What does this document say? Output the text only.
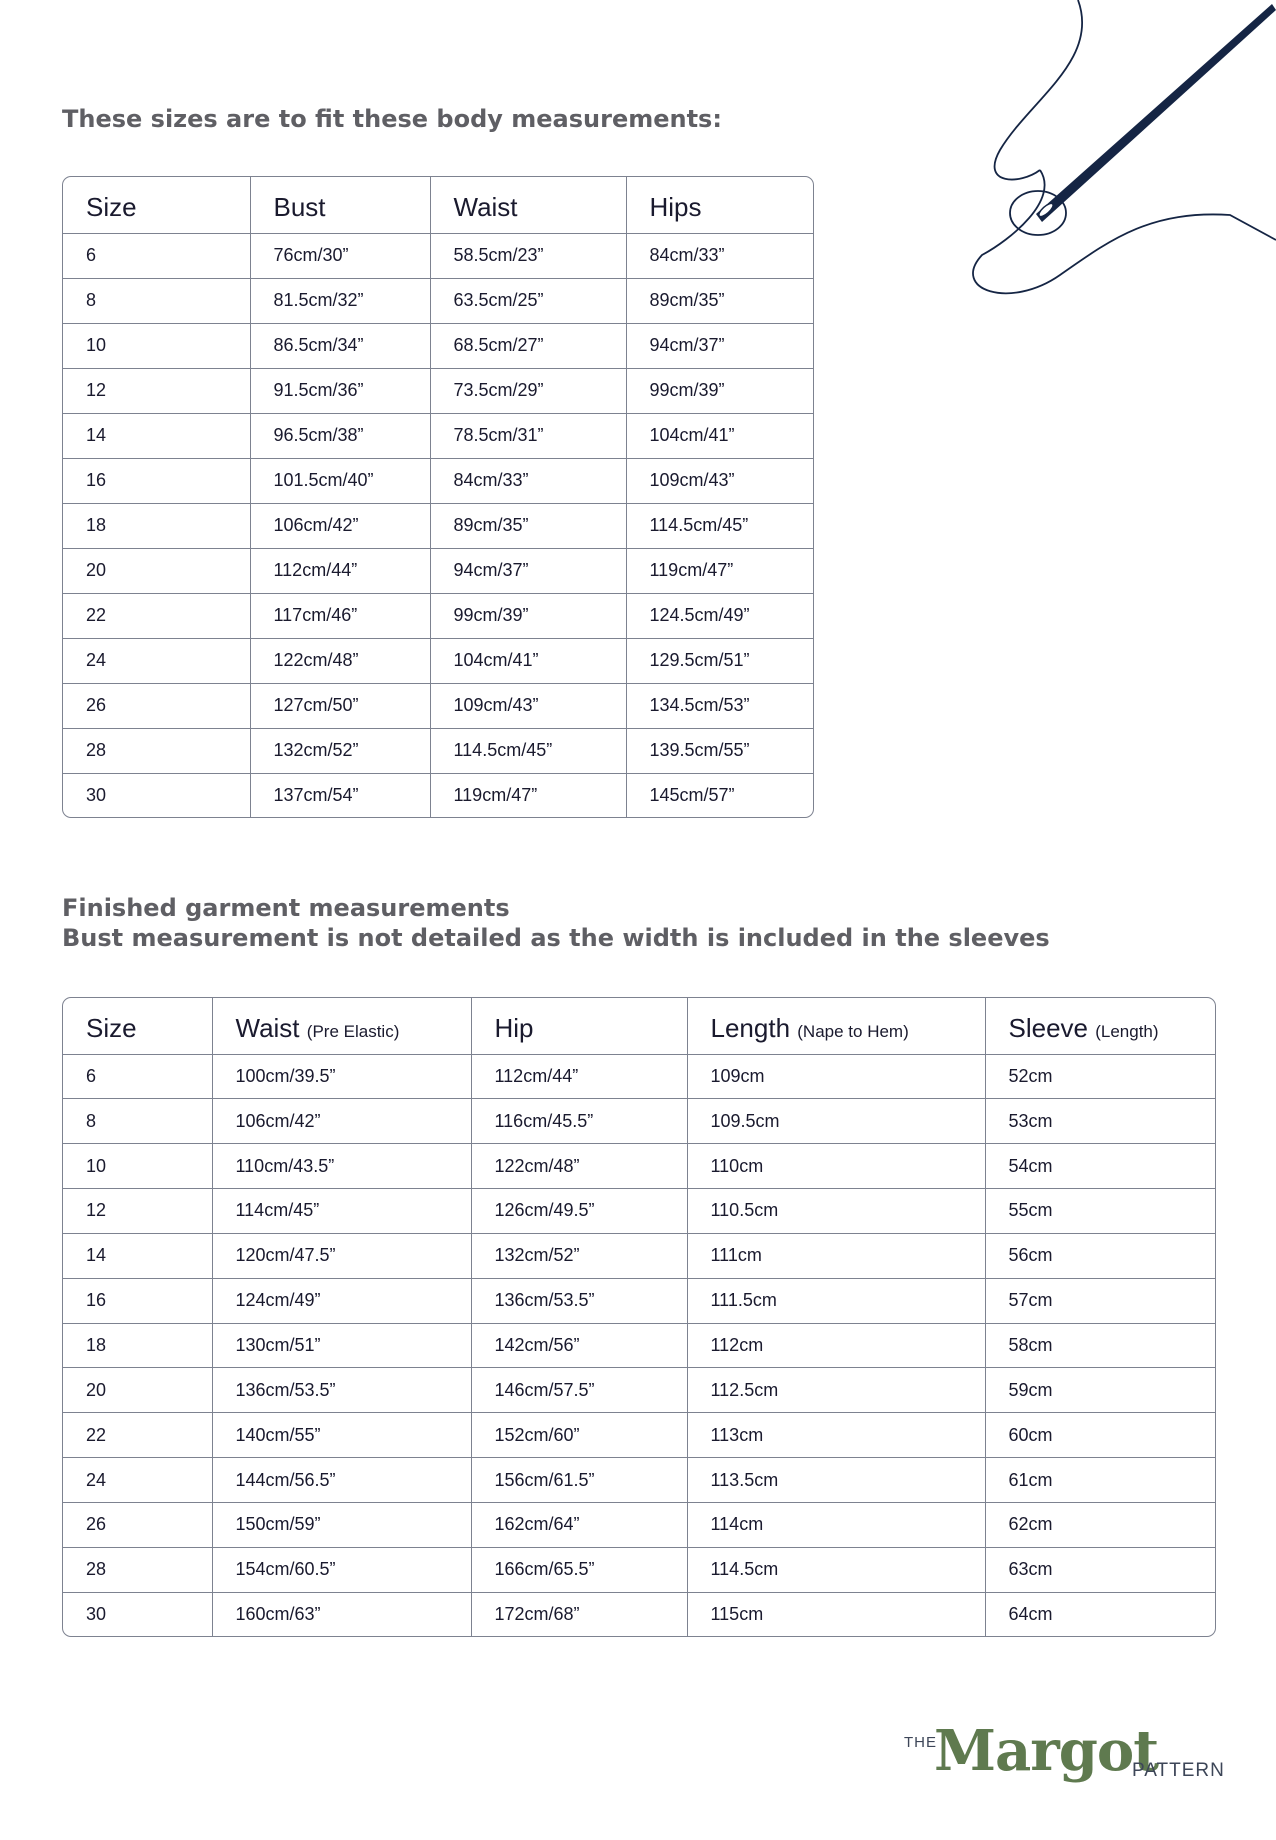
These sizes are to fit these body measurements:
Size	Bust	Waist	Hips
6	76cm/30”	58.5cm/23”	84cm/33”
8	81.5cm/32”	63.5cm/25”	89cm/35”
10	86.5cm/34”	68.5cm/27”	94cm/37”
12	91.5cm/36”	73.5cm/29”	99cm/39”
14	96.5cm/38”	78.5cm/31”	104cm/41”
16	101.5cm/40”	84cm/33”	109cm/43”
18	106cm/42”	89cm/35”	114.5cm/45”
20	112cm/44”	94cm/37”	119cm/47”
22	117cm/46”	99cm/39”	124.5cm/49”
24	122cm/48”	104cm/41”	129.5cm/51”
26	127cm/50”	109cm/43”	134.5cm/53”
28	132cm/52”	114.5cm/45”	139.5cm/55”
30	137cm/54”	119cm/47”	145cm/57”
Finished garment measurements
Bust measurement is not detailed as the width is included in the sleeves
Size	Waist (Pre Elastic)	Hip	Length (Nape to Hem)	Sleeve (Length)
6	100cm/39.5”	112cm/44”	109cm	52cm
8	106cm/42”	116cm/45.5”	109.5cm	53cm
10	110cm/43.5”	122cm/48”	110cm	54cm
12	114cm/45”	126cm/49.5”	110.5cm	55cm
14	120cm/47.5”	132cm/52”	111cm	56cm
16	124cm/49”	136cm/53.5”	111.5cm	57cm
18	130cm/51”	142cm/56”	112cm	58cm
20	136cm/53.5”	146cm/57.5”	112.5cm	59cm
22	140cm/55”	152cm/60”	113cm	60cm
24	144cm/56.5”	156cm/61.5”	113.5cm	61cm
26	150cm/59”	162cm/64”	114cm	62cm
28	154cm/60.5”	166cm/65.5”	114.5cm	63cm
30	160cm/63”	172cm/68”	115cm	64cm
THE
Margot
PATTERN
